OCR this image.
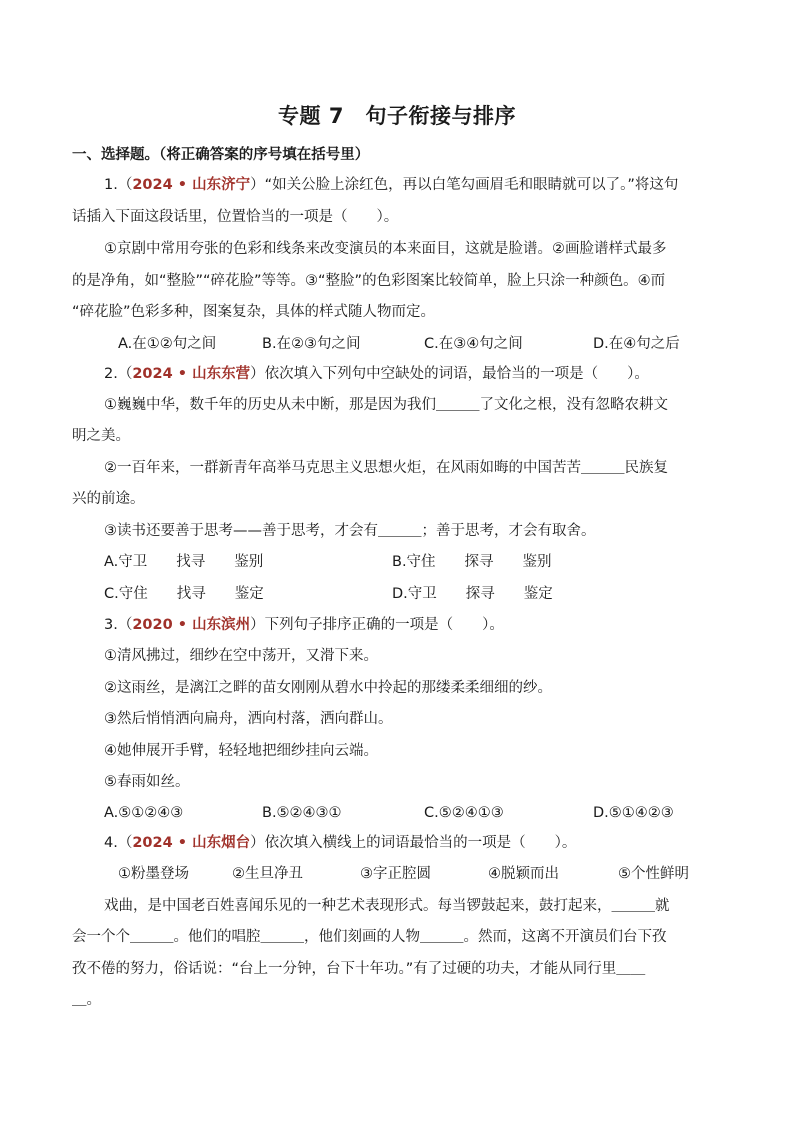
专题 7　句子衔接与排序
一、选择题。（将正确答案的序号填在括号里）
1.（2024 • 山东济宁）“如关公脸上涂红色，再以白笔勾画眉毛和眼睛就可以了。”将这句
话插入下面这段话里，位置恰当的一项是（　　）。
①京剧中常用夸张的色彩和线条来改变演员的本来面目，这就是脸谱。②画脸谱样式最多
的是净角，如“整脸”“碎花脸”等等。③“整脸”的色彩图案比较简单，脸上只涂一种颜色。④而
“碎花脸”色彩多种，图案复杂，具体的样式随人物而定。
A.在①②句之间	B.在②③句之间	C.在③④句之间	D.在④句之后
2.（2024 • 山东东营）依次填入下列句中空缺处的词语，最恰当的一项是（　　）。
①巍巍中华，数千年的历史从未中断，那是因为我们＿＿＿了文化之根，没有忽略农耕文
明之美。
②一百年来，一群新青年高举马克思主义思想火炬，在风雨如晦的中国苦苦＿＿＿民族复
兴的前途。
③读书还要善于思考——善于思考，才会有＿＿＿；善于思考，才会有取舍。
A.守卫　　找寻　　鉴别
C.守住　　找寻　　鉴定
B.守住　　探寻　　鉴别
D.守卫　　探寻　　鉴定
3.（2020 • 山东滨州）下列句子排序正确的一项是（　　）。
①清风拂过，细纱在空中荡开，又滑下来。
②这雨丝，是漓江之畔的苗女刚刚从碧水中拎起的那缕柔柔细细的纱。
③然后悄悄洒向扁舟，洒向村落，洒向群山。
④她伸展开手臂，轻轻地把细纱挂向云端。
⑤春雨如丝。
A.⑤①②④③	B.⑤②④③①	C.⑤②④①③	D.⑤①④②③
4.（2024 • 山东烟台）依次填入横线上的词语最恰当的一项是（　　）。
①粉墨登场	②生旦净丑	③字正腔圆	④脱颖而出	⑤个性鲜明
戏曲，是中国老百姓喜闻乐见的一种艺术表现形式。每当锣鼓起来，鼓打起来，＿＿＿就
会一个个＿＿＿。他们的唱腔＿＿＿，他们刻画的人物＿＿＿。然而，这离不开演员们台下孜
孜不倦的努力，俗话说：“台上一分钟，台下十年功。”有了过硬的功夫，才能从同行里＿＿
＿。
